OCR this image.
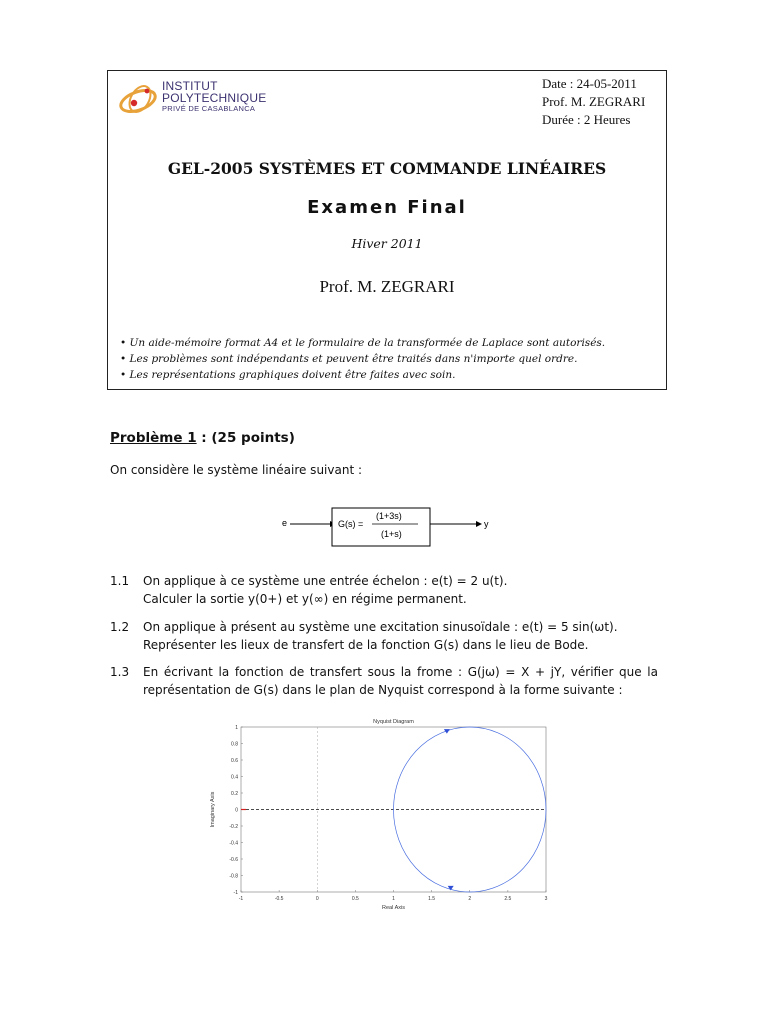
INSTITUT
POLYTECHNIQUE
PRIVÉ DE CASABLANCA
Date : 24-05-2011
Prof. M. ZEGRARI
Durée : 2 Heures
GEL-2005 SYSTÈMES ET COMMANDE LINÉAIRES
Examen Final
Hiver 2011
Prof. M. ZEGRARI
• Un aide-mémoire format A4 et le formulaire de la transformée de Laplace sont autorisés.
• Les problèmes sont indépendants et peuvent être traités dans n'importe quel ordre.
• Les représentations graphiques doivent être faites avec soin.
Problème 1 : (25 points)
On considère le système linéaire suivant :
e	G(s) =
(1+3s)
(1+s)
y
1.1	On applique à ce système une entrée échelon : e(t) = 2 u(t).
Calculer la sortie y(0+) et y(∞) en régime permanent.
1.2	On applique à présent au système une excitation sinusoïdale : e(t) = 5 sin(ωt).
Représenter les lieux de transfert de la fonction G(s) dans le lieu de Bode.
1.3	En écrivant la fonction de transfert sous la frome : G(jω) = X + jY, vérifier que la représentation de G(s) dans le plan de Nyquist correspond à la forme suivante :
Nyquist Diagram
-1	-0.5	0	0.5	1	1.5	2	2.5	3
1
0.8
0.6
0.4
0.2
0
-0.2
-0.4
-0.6
-0.8
-1
Real Axis
Imaginary Axis
